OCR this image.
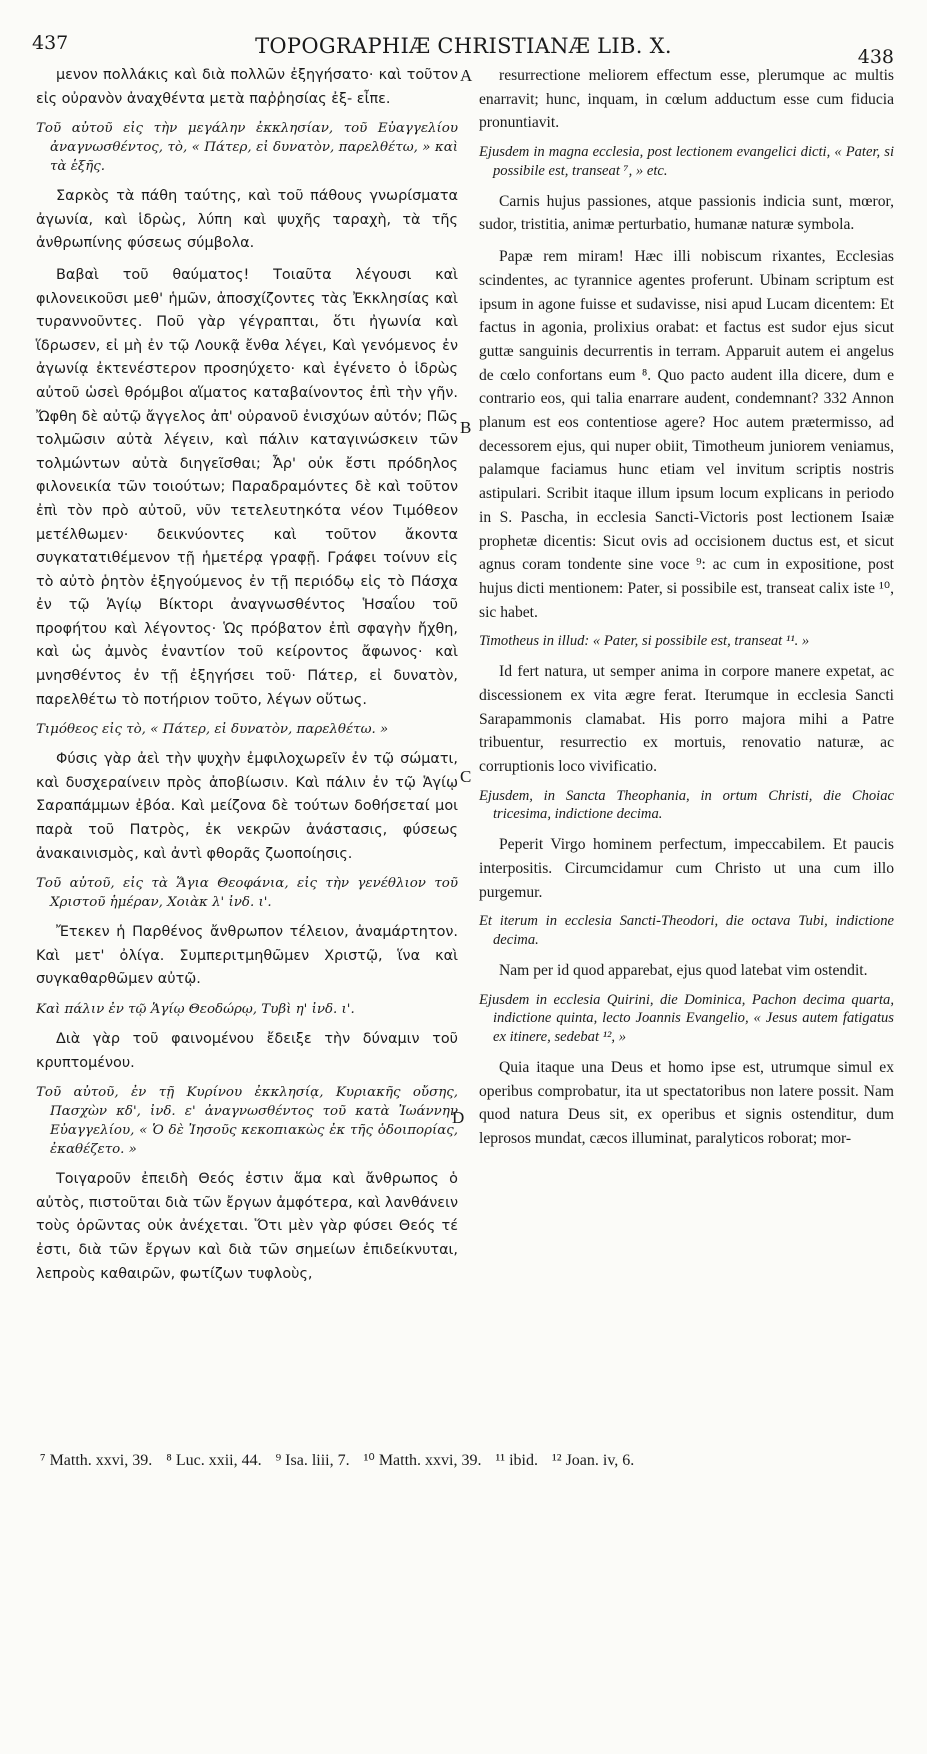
437	TOPOGRAPHIÆ CHRISTIANÆ LIB. X.	438

μενον πολλάκις καὶ διὰ πολλῶν ἐξηγήσατο· καὶ τοῦτον εἰς οὐρανὸν ἀναχθέντα μετὰ παῤῥησίας ἐξ- εἶπε.

Τοῦ αὐτοῦ εἰς τὴν μεγάλην ἐκκλησίαν, τοῦ Εὐαγγελίου ἀναγνωσθέντος, τὸ, « Πάτερ, εἰ δυνατὸν, παρελθέτω, » καὶ τὰ ἑξῆς.

Σαρκὸς τὰ πάθη ταύτης, καὶ τοῦ πάθους γνωρίσματα ἀγωνία, καὶ ἱδρὼς, λύπη καὶ ψυχῆς ταραχὴ, τὰ τῆς ἀνθρωπίνης φύσεως σύμβολα.

Βαβαὶ τοῦ θαύματος! Τοιαῦτα λέγουσι καὶ φιλονεικοῦσι μεθ' ἡμῶν, ἀποσχίζοντες τὰς Ἐκκλησίας καὶ τυραννοῦντες. Ποῦ γὰρ γέγραπται, ὅτι ἠγωνία καὶ ἵδρωσεν, εἰ μὴ ἐν τῷ Λουκᾷ ἔνθα λέγει, Καὶ γενόμενος ἐν ἀγωνίᾳ ἐκτενέστερον προσηύχετο· καὶ ἐγένετο ὁ ἱδρὼς αὐτοῦ ὡσεὶ θρόμβοι αἵματος καταβαίνοντος ἐπὶ τὴν γῆν. Ὤφθη δὲ αὐτῷ ἄγγελος ἀπ' οὐρανοῦ ἐνισχύων αὐτόν; Πῶς τολμῶσιν αὐτὰ λέγειν, καὶ πάλιν καταγινώσκειν τῶν τολμώντων αὐτὰ διηγεῖσθαι; Ἆρ' οὐκ ἔστι πρόδηλος φιλονεικία τῶν τοιούτων; Παραδραμόντες δὲ καὶ τοῦτον ἐπὶ τὸν πρὸ αὐτοῦ, νῦν τετελευτηκότα νέον Τιμόθεον μετέλθωμεν· δεικνύοντες καὶ τοῦτον ἄκοντα συγκατατιθέμενον τῇ ἡμετέρᾳ γραφῇ. Γράφει τοίνυν εἰς τὸ αὐτὸ ῥητὸν ἐξηγούμενος ἐν τῇ περιόδῳ εἰς τὸ Πάσχα ἐν τῷ Ἁγίῳ Βίκτορι ἀναγνωσθέντος Ἡσαΐου τοῦ προφήτου καὶ λέγοντος· Ὡς πρόβατον ἐπὶ σφαγὴν ἤχθη, καὶ ὡς ἀμνὸς ἐναντίον τοῦ κείροντος ἄφωνος· καὶ μνησθέντος ἐν τῇ ἐξηγήσει τοῦ· Πάτερ, εἰ δυνατὸν, παρελθέτω τὸ ποτήριον τοῦτο, λέγων οὕτως.

Τιμόθεος εἰς τὸ, « Πάτερ, εἰ δυνατὸν, παρελθέτω. »

Φύσις γὰρ ἀεὶ τὴν ψυχὴν ἐμφιλοχωρεῖν ἐν τῷ σώματι, καὶ δυσχεραίνειν πρὸς ἀποβίωσιν. Καὶ πάλιν ἐν τῷ Ἁγίῳ Σαραπάμμων ἐβόα. Καὶ μείζονα δὲ τούτων δοθήσεταί μοι παρὰ τοῦ Πατρὸς, ἐκ νεκρῶν ἀνάστασις, φύσεως ἀνακαινισμὸς, καὶ ἀντὶ φθορᾶς ζωοποίησις.

Τοῦ αὐτοῦ, εἰς τὰ Ἅγια Θεοφάνια, εἰς τὴν γενέθλιον τοῦ Χριστοῦ ἡμέραν, Χοιὰκ λ' ἰνδ. ι'.

Ἔτεκεν ἡ Παρθένος ἄνθρωπον τέλειον, ἀναμάρτητον. Καὶ μετ' ὀλίγα. Συμπεριτμηθῶμεν Χριστῷ, ἵνα καὶ συγκαθαρθῶμεν αὐτῷ.

Καὶ πάλιν ἐν τῷ Ἁγίῳ Θεοδώρῳ, Τυβὶ η' ἰνδ. ι'.

Διὰ γὰρ τοῦ φαινομένου ἔδειξε τὴν δύναμιν τοῦ κρυπτομένου.

Τοῦ αὐτοῦ, ἐν τῇ Κυρίνου ἐκκλησίᾳ, Κυριακῆς οὔσης, Πασχὼν κδ', ἰνδ. ε' ἀναγνωσθέντος τοῦ κατὰ Ἰωάννην Εὐαγγελίου, « Ὁ δὲ Ἰησοῦς κεκοπιακὼς ἐκ τῆς ὁδοιπορίας, ἐκαθέζετο. »

Τοιγαροῦν ἐπειδὴ Θεός ἐστιν ἅμα καὶ ἄνθρωπος ὁ αὐτὸς, πιστοῦται διὰ τῶν ἔργων ἀμφότερα, καὶ λανθάνειν τοὺς ὁρῶντας οὐκ ἀνέχεται. Ὅτι μὲν γὰρ φύσει Θεός τέ ἐστι, διὰ τῶν ἔργων καὶ διὰ τῶν σημείων ἐπιδείκνυται, λεπροὺς καθαιρῶν, φωτίζων τυφλοὺς,

resurrectione meliorem effectum esse, plerumque ac multis enarravit; hunc, inquam, in cœlum adductum esse cum fiducia pronuntiavit.

Ejusdem in magna ecclesia, post lectionem evangelici dicti, « Pater, si possibile est, transeat ⁷, » etc.

Carnis hujus passiones, atque passionis indicia sunt, mœror, sudor, tristitia, animæ perturbatio, humanæ naturæ symbola.

Papæ rem miram! Hæc illi nobiscum rixantes, Ecclesias scindentes, ac tyrannice agentes proferunt. Ubinam scriptum est ipsum in agone fuisse et sudavisse, nisi apud Lucam dicentem: Et factus in agonia, prolixius orabat: et factus est sudor ejus sicut guttæ sanguinis decurrentis in terram. Apparuit autem ei angelus de cœlo confortans eum ⁸. Quo pacto audent illa dicere, dum e contrario eos, qui talia enarrare audent, condemnant? 332 Annon planum est eos contentiose agere? Hoc autem prætermisso, ad decessorem ejus, qui nuper obiit, Timotheum juniorem veniamus, palamque faciamus hunc etiam vel invitum scriptis nostris astipulari. Scribit itaque illum ipsum locum explicans in periodo in S. Pascha, in ecclesia Sancti-Victoris post lectionem Isaiæ prophetæ dicentis: Sicut ovis ad occisionem ductus est, et sicut agnus coram tondente sine voce ⁹: ac cum in expositione, post hujus dicti mentionem: Pater, si possibile est, transeat calix iste ¹⁰, sic habet.

Timotheus in illud: « Pater, si possibile est, transeat ¹¹. »

Id fert natura, ut semper anima in corpore manere expetat, ac discessionem ex vita ægre ferat. Iterumque in ecclesia Sancti Sarapammonis clamabat. His porro majora mihi a Patre tribuentur, resurrectio ex mortuis, renovatio naturæ, ac corruptionis loco vivificatio.

Ejusdem, in Sancta Theophania, in ortum Christi, die Choiac tricesima, indictione decima.

Peperit Virgo hominem perfectum, impeccabilem. Et paucis interpositis. Circumcidamur cum Christo ut una cum illo purgemur.

Et iterum in ecclesia Sancti-Theodori, die octava Tubi, indictione decima.

Nam per id quod apparebat, ejus quod latebat vim ostendit.

Ejusdem in ecclesia Quirini, die Dominica, Pachon decima quarta, indictione quinta, lecto Joannis Evangelio, « Jesus autem fatigatus ex itinere, sedebat ¹², »

Quia itaque una Deus et homo ipse est, utrumque simul ex operibus comprobatur, ita ut spectatoribus non latere possit. Nam quod natura Deus sit, ex operibus et signis ostenditur, dum leprosos mundat, cæcos illuminat, paralyticos roborat; mor-

A
B
C
D
⁷ Matth. xxvi, 39. ⁸ Luc. xxii, 44. ⁹ Isa. liii, 7. ¹⁰ Matth. xxvi, 39. ¹¹ ibid. ¹² Joan. iv, 6.
